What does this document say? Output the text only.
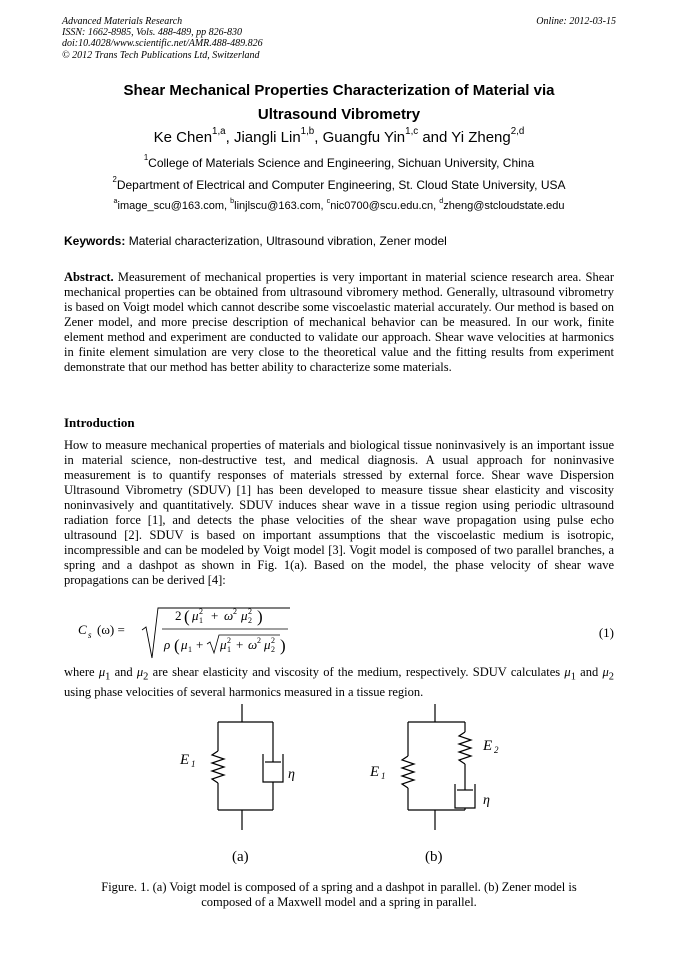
Advanced Materials Research
ISSN: 1662-8985, Vols. 488-489, pp 826-830
doi:10.4028/www.scientific.net/AMR.488-489.826
© 2012 Trans Tech Publications Ltd, Switzerland
Online: 2012-03-15
Shear Mechanical Properties Characterization of Material via
Ultrasound Vibrometry
Ke Chen$^{1,a}$, Jiangli Lin$^{1,b}$, Guangfu Yin$^{1,c}$ and Yi Zheng$^{2,d}$
$^1$College of Materials Science and Engineering, Sichuan University, China
$^2$Department of Electrical and Computer Engineering, St. Cloud State University, USA
$^a$image_scu@163.com, $^b$linjlscu@163.com, $^c$nic0700@scu.edu.cn, $^d$zheng@stcloudstate.edu
Keywords: Material characterization, Ultrasound vibration, Zener model
Abstract. Measurement of mechanical properties is very important in material science research area. Shear mechanical properties can be obtained from ultrasound vibromery method. Generally, ultrasound vibrometry is based on Voigt model which cannot describe some viscoelastic material accurately. Our method is based on Zener model, and more precise description of mechanical behavior can be measured. In our work, finite element method and experiment are conducted to validate our approach. Shear wave velocities at harmonics in finite element simulation are very close to the theoretical value and the fitting results from experiment demonstrate that our method has better ability to characterize some materials.
Introduction
How to measure mechanical properties of materials and biological tissue noninvasively is an important issue in material science, non-destructive test, and medical diagnosis. A usual approach for noninvasive measurement is to quantify responses of materials stressed by external force. Shear wave Dispersion Ultrasound Vibrometry (SDUV) [1] has been developed to measure tissue shear elasticity and viscosity noninvasively and quantitatively. SDUV induces shear wave in a tissue region using periodic ultrasound radiation force [1], and detects the phase velocities of the shear wave propagation using pulse echo ultrasound [2]. SDUV is based on important assumptions that the viscoelastic medium is isotropic, incompressible and can be modeled by Voigt model [3]. Vogit model is composed of two parallel branches, a spring and a dashpot as shown in Fig. 1(a). Based on the model, the phase velocity of shear wave propagations can be derived [4]:
C s (ω) =
2 ( μ 1
2 + ω 2 μ 2
2 )
ρ ( μ 1 + μ 1
2 + ω 2 μ 2
2 )
(1)
where $\mu_1$ and $\mu_2$ are shear elasticity and viscosity of the medium, respectively. SDUV calculates $\mu_1$ and $\mu_2$ using phase velocities of several harmonics measured in a tissue region.
E 1
η	E 1
E 2
η
(a)	(b)
Figure. 1. (a) Voigt model is composed of a spring and a dashpot in parallel. (b) Zener model is
composed of a Maxwell model and a spring in parallel.
